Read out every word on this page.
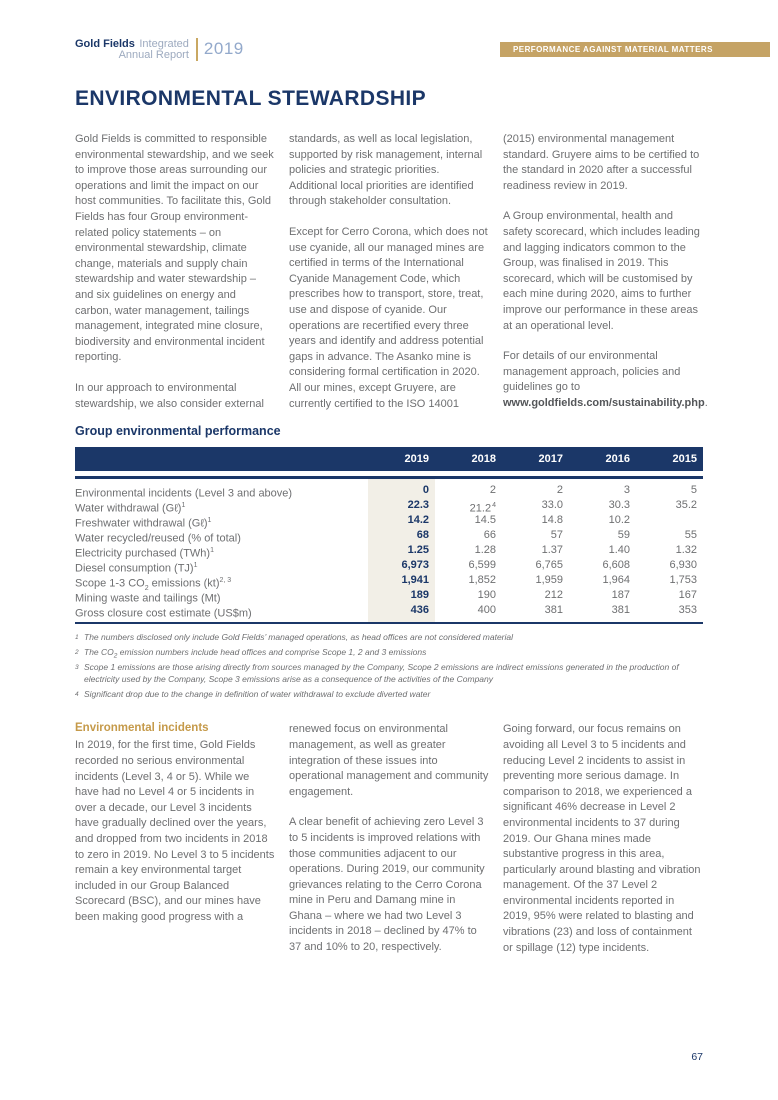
PERFORMANCE AGAINST MATERIAL MATTERS
Gold Fields Integrated
Annual Report 2019
ENVIRONMENTAL STEWARDSHIP

Gold Fields is committed to responsible environmental stewardship, and we seek to improve those areas surrounding our operations and limit the impact on our host communities. To facilitate this, Gold Fields has four Group environment-related policy statements – on environmental stewardship, climate change, materials and supply chain stewardship and water stewardship – and six guidelines on energy and carbon, water management, tailings management, integrated mine closure, biodiversity and environmental incident reporting.

In our approach to environmental stewardship, we also consider external

standards, as well as local legislation, supported by risk management, internal policies and strategic priorities. Additional local priorities are identified through stakeholder consultation.

Except for Cerro Corona, which does not use cyanide, all our managed mines are certified in terms of the International Cyanide Management Code, which prescribes how to transport, store, treat, use and dispose of cyanide. Our operations are recertified every three years and identify and address potential gaps in advance. The Asanko mine is considering formal certification in 2020. All our mines, except Gruyere, are currently certified to the ISO 14001

(2015) environmental management standard. Gruyere aims to be certified to the standard in 2020 after a successful readiness review in 2019.

A Group environmental, health and safety scorecard, which includes leading and lagging indicators common to the Group, was finalised in 2019. This scorecard, which will be customised by each mine during 2020, aims to further improve our performance in these areas at an operational level.

For details of our environmental management approach, policies and guidelines go to www.goldfields.com/sustainability.php.

Group environmental performance
2019	2018	2017	2016	2015
Environmental incidents (Level 3 and above)	0	2	2	3	5
Water withdrawal (Gℓ)$^1$	22.3	21.2$^4$	33.0	30.3	35.2
Freshwater withdrawal (Gℓ)$^1$	14.2	14.5	14.8	10.2
Water recycled/reused (% of total)	68	66	57	59	55
Electricity purchased (TWh)$^1$	1.25	1.28	1.37	1.40	1.32
Diesel consumption (TJ)$^1$	6,973	6,599	6,765	6,608	6,930
Scope 1-3 $CO_2$ emissions (kt)$^{2, 3}$	1,941	1,852	1,959	1,964	1,753
Mining waste and tailings (Mt)	189	190	212	187	167
Gross closure cost estimate (US$m)	436	400	381	381	353
1 The numbers disclosed only include Gold Fields’ managed operations, as head offices are not considered material
2 The $CO_2$ emission numbers include head offices and comprise Scope 1, 2 and 3 emissions
3 Scope 1 emissions are those arising directly from sources managed by the Company, Scope 2 emissions are indirect emissions generated in the production of electricity used by the Company, Scope 3 emissions arise as a consequence of the activities of the Company
4 Significant drop due to the change in definition of water withdrawal to exclude diverted water
Environmental incidents

In 2019, for the first time, Gold Fields recorded no serious environmental incidents (Level 3, 4 or 5). While we have had no Level 4 or 5 incidents in over a decade, our Level 3 incidents have gradually declined over the years, and dropped from two incidents in 2018 to zero in 2019. No Level 3 to 5 incidents remain a key environmental target included in our Group Balanced Scorecard (BSC), and our mines have been making good progress with a

renewed focus on environmental management, as well as greater integration of these issues into operational management and community engagement.

A clear benefit of achieving zero Level 3 to 5 incidents is improved relations with those communities adjacent to our operations. During 2019, our community grievances relating to the Cerro Corona mine in Peru and Damang mine in Ghana – where we had two Level 3 incidents in 2018 – declined by 47% to 37 and 10% to 20, respectively.

Going forward, our focus remains on avoiding all Level 3 to 5 incidents and reducing Level 2 incidents to assist in preventing more serious damage. In comparison to 2018, we experienced a significant 46% decrease in Level 2 environmental incidents to 37 during 2019. Our Ghana mines made substantive progress in this area, particularly around blasting and vibration management. Of the 37 Level 2 environmental incidents reported in 2019, 95% were related to blasting and vibrations (23) and loss of containment or spillage (12) type incidents.

67
